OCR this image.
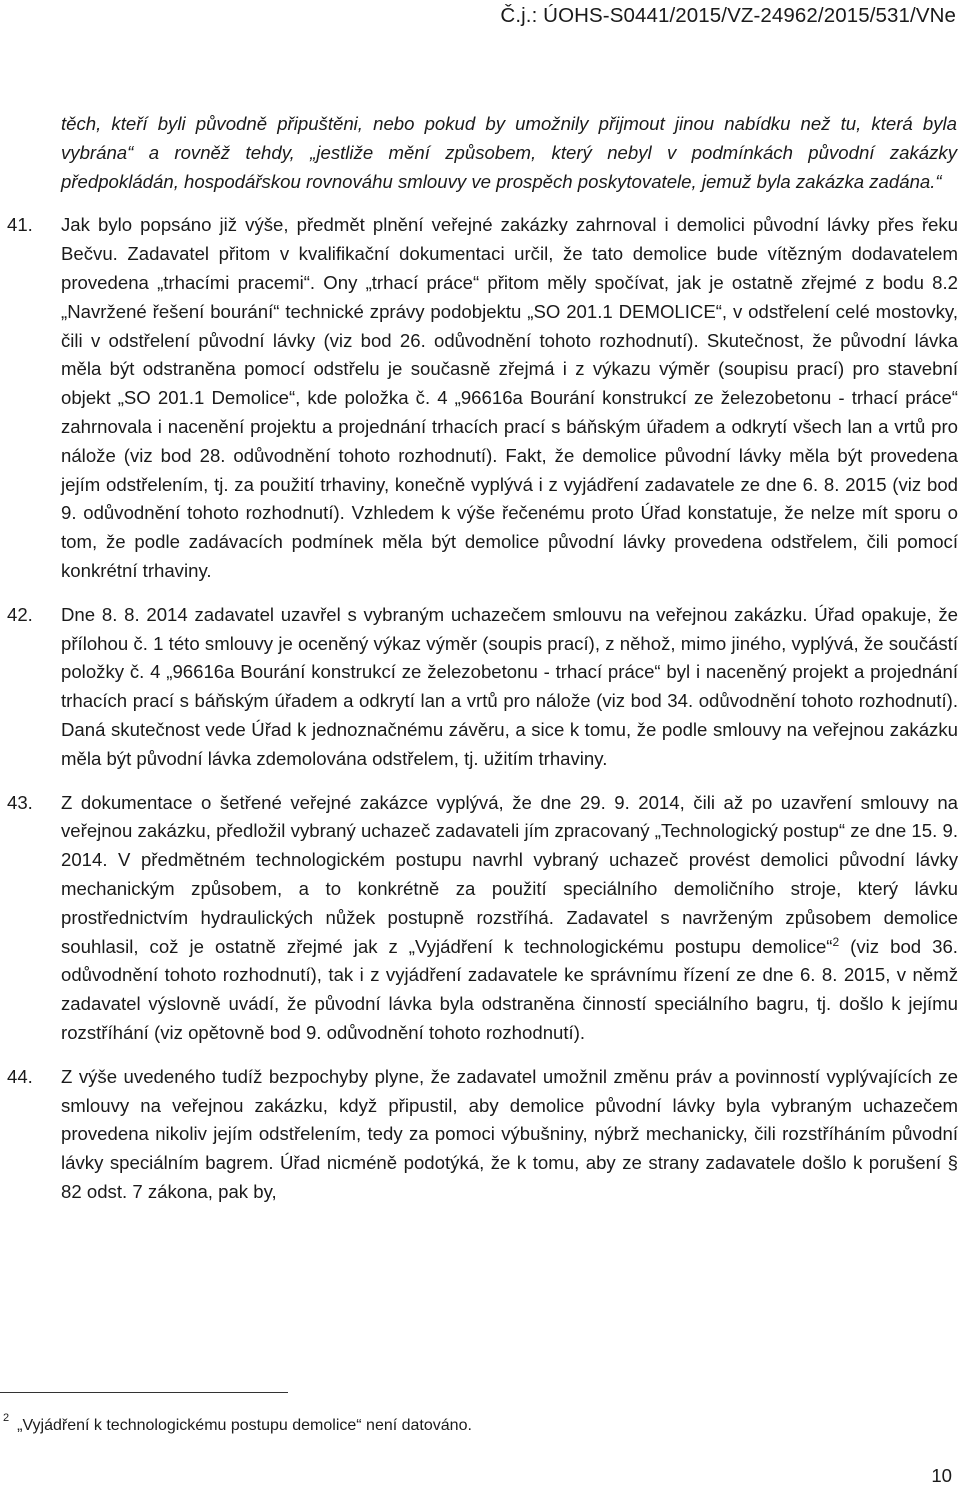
Č.j.: ÚOHS-S0441/2015/VZ-24962/2015/531/VNe

těch, kteří byli původně připuštěni, nebo pokud by umožnily přijmout jinou nabídku než tu, která byla vybrána“ a rovněž tehdy, „jestliže mění způsobem, který nebyl v podmínkách původní zakázky předpokládán, hospodářskou rovnováhu smlouvy ve prospěch poskytovatele, jemuž byla zakázka zadána.“

41. Jak bylo popsáno již výše, předmět plnění veřejné zakázky zahrnoval i demolici původní lávky přes řeku Bečvu. Zadavatel přitom v kvalifikační dokumentaci určil, že tato demolice bude vítězným dodavatelem provedena „trhacími pracemi“. Ony „trhací práce“ přitom měly spočívat, jak je ostatně zřejmé z bodu 8.2 „Navržené řešení bourání“ technické zprávy podobjektu „SO 201.1 DEMOLICE“, v odstřelení celé mostovky, čili v odstřelení původní lávky (viz bod 26. odůvodnění tohoto rozhodnutí). Skutečnost, že původní lávka měla být odstraněna pomocí odstřelu je současně zřejmá i z výkazu výměr (soupisu prací) pro stavební objekt „SO 201.1 Demolice“, kde položka č. 4 „96616a Bourání konstrukcí ze železobetonu - trhací práce“ zahrnovala i nacenění projektu a projednání trhacích prací s báňským úřadem a odkrytí všech lan a vrtů pro nálože (viz bod 28. odůvodnění tohoto rozhodnutí). Fakt, že demolice původní lávky měla být provedena jejím odstřelením, tj. za použití trhaviny, konečně vyplývá i z vyjádření zadavatele ze dne 6. 8. 2015 (viz bod 9. odůvodnění tohoto rozhodnutí). Vzhledem k výše řečenému proto Úřad konstatuje, že nelze mít sporu o tom, že podle zadávacích podmínek měla být demolice původní lávky provedena odstřelem, čili pomocí konkrétní trhaviny.
42. Dne 8. 8. 2014 zadavatel uzavřel s vybraným uchazečem smlouvu na veřejnou zakázku. Úřad opakuje, že přílohou č. 1 této smlouvy je oceněný výkaz výměr (soupis prací), z něhož, mimo jiného, vyplývá, že součástí položky č. 4 „96616a Bourání konstrukcí ze železobetonu - trhací práce“ byl i naceněný projekt a projednání trhacích prací s báňským úřadem a odkrytí lan a vrtů pro nálože (viz bod 34. odůvodnění tohoto rozhodnutí). Daná skutečnost vede Úřad k jednoznačnému závěru, a sice k tomu, že podle smlouvy na veřejnou zakázku měla být původní lávka zdemolována odstřelem, tj. užitím trhaviny.
43. Z dokumentace o šetřené veřejné zakázce vyplývá, že dne 29. 9. 2014, čili až po uzavření smlouvy na veřejnou zakázku, předložil vybraný uchazeč zadavateli jím zpracovaný „Technologický postup“ ze dne 15. 9. 2014. V předmětném technologickém postupu navrhl vybraný uchazeč provést demolici původní lávky mechanickým způsobem, a to konkrétně za použití speciálního demoličního stroje, který lávku prostřednictvím hydraulických nůžek postupně rozstříhá. Zadavatel s navrženým způsobem demolice souhlasil, což je ostatně zřejmé jak z „Vyjádření k technologickému postupu demolice“$^2$ (viz bod 36. odůvodnění tohoto rozhodnutí), tak i z vyjádření zadavatele ke správnímu řízení ze dne 6. 8. 2015, v němž zadavatel výslovně uvádí, že původní lávka byla odstraněna činností speciálního bagru, tj. došlo k jejímu rozstříhání (viz opětovně bod 9. odůvodnění tohoto rozhodnutí).
44. Z výše uvedeného tudíž bezpochyby plyne, že zadavatel umožnil změnu práv a povinností vyplývajících ze smlouvy na veřejnou zakázku, když připustil, aby demolice původní lávky byla vybraným uchazečem provedena nikoliv jejím odstřelením, tedy za pomoci výbušniny, nýbrž mechanicky, čili rozstříháním původní lávky speciálním bagrem. Úřad nicméně podotýká, že k tomu, aby ze strany zadavatele došlo k porušení § 82 odst. 7 zákona, pak by,
$^2$ „Vyjádření k technologickému postupu demolice“ není datováno.
10
